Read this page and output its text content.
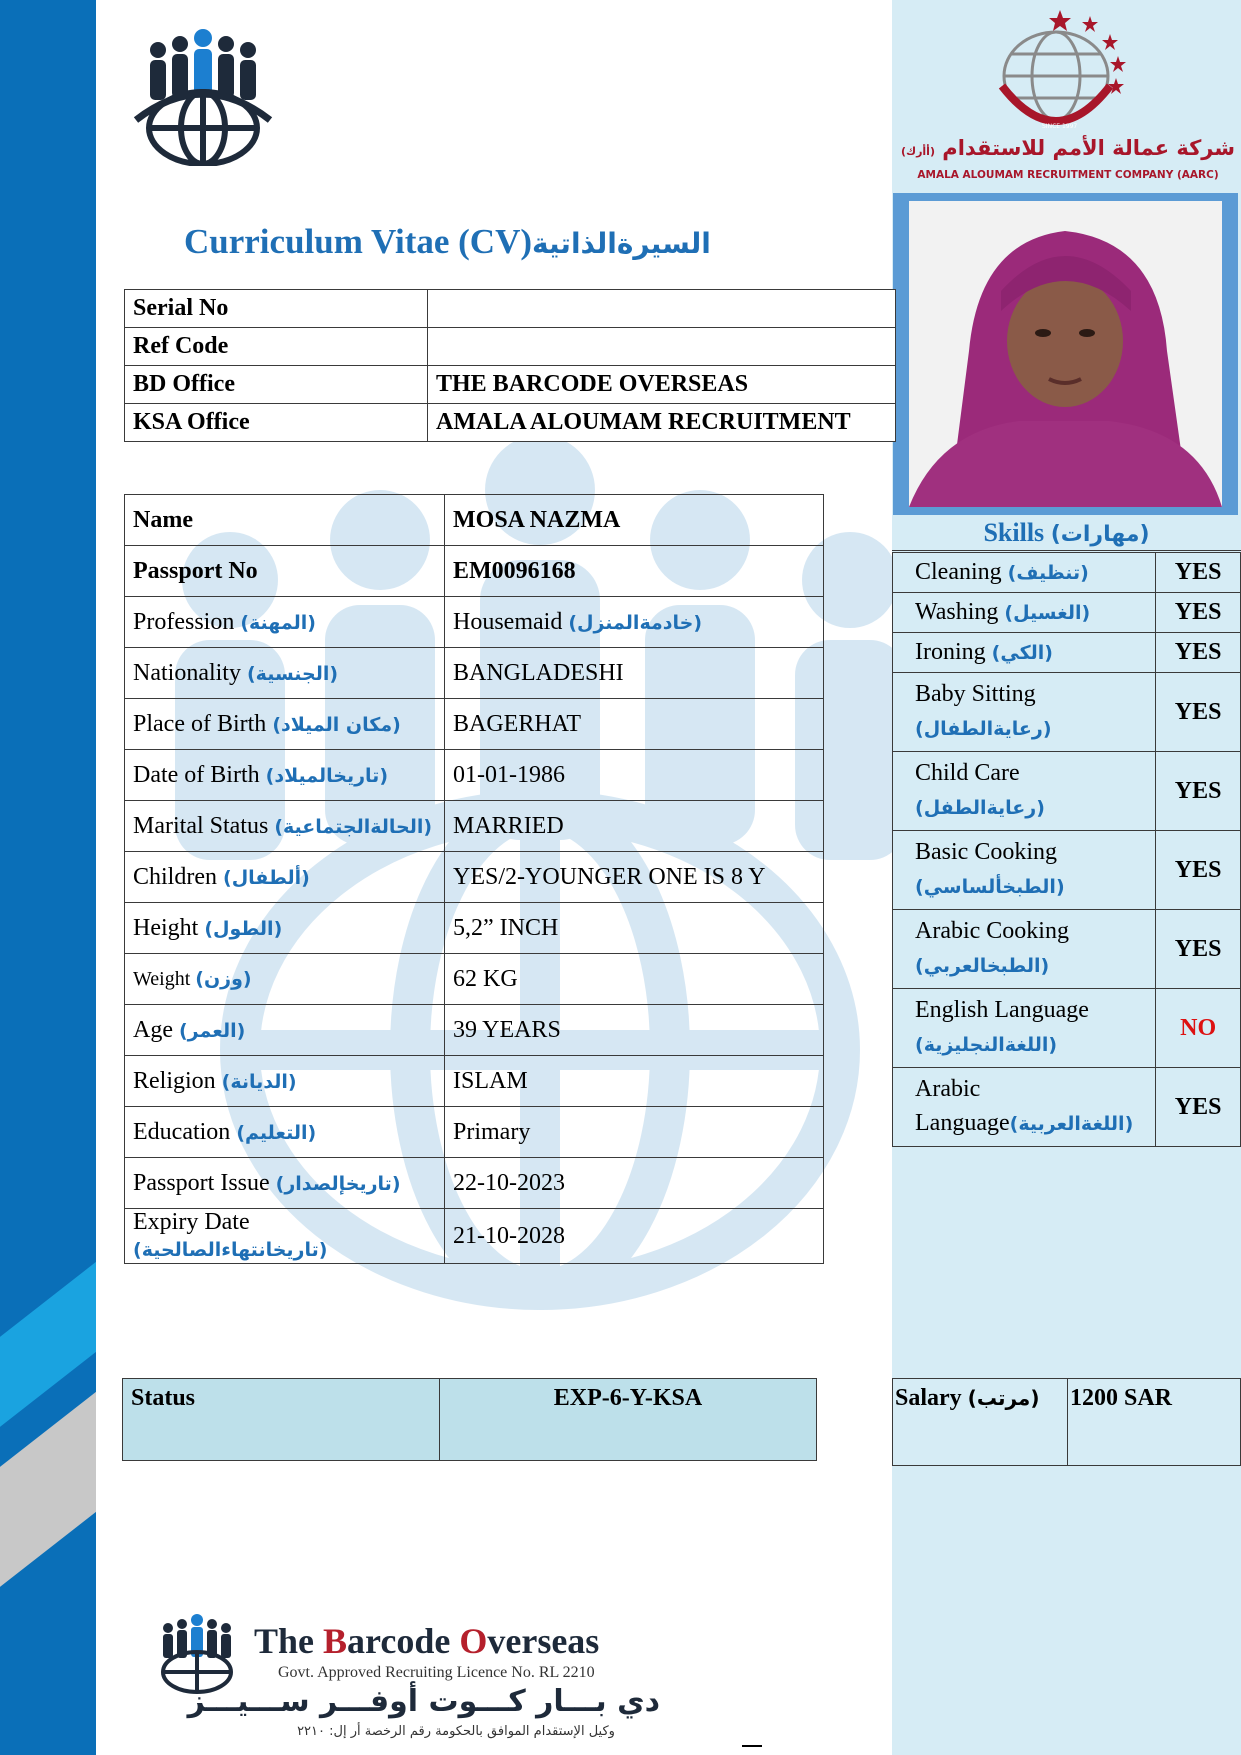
SINCE 1997
شركة عمالة الأمم للاستقدام (أأرك)
AMALA ALOUMAM RECRUITMENT COMPANY (AARC)
Curriculum Vitae (CV)السيرةالذاتية
Serial No	
Ref Code	
BD Office	THE BARCODE OVERSEAS
KSA Office	AMALA ALOUMAM RECRUITMENT
Name	MOSA NAZMA
Passport No	EM0096168
Profession (المهنة)	Housemaid (خادمةالمنزل)
Nationality (الجنسية)	BANGLADESHI
Place of Birth (مكان الميلاد)	BAGERHAT
Date of Birth (تاريخالميلاد)	01-01-1986
Marital Status (الحالةالجتماعية)	MARRIED
Children (ألطفال)	YES/2-YOUNGER ONE IS 8 Y
Height (الطول)	5,2” INCH
Weight (وزن)	62 KG
Age (العمر)	39 YEARS
Religion (الديانة)	ISLAM
Education (التعليم)	Primary
Passport Issue (تاريخإلصدار)	22-10-2023
Expiry Date (تاريخانتهاءالصالحية)	21-10-2028
Skills (مهارات)
Cleaning (تنظيف)	YES
Washing (الغسيل)	YES
Ironing (الكي)	YES
Baby Sitting
(رعايةالطفال)	YES
Child Care
(رعايةالطفل)	YES
Basic Cooking
(الطبخألساسي)	YES
Arabic Cooking
(الطبخالعربي)	YES
English Language
(اللغةالنجليزية)	NO
Arabic
Language(اللغةالعربية)	YES
Status	EXP-6-Y-KSA	Salary (مرتب)	1200 SAR
The Barcode Overseas
Govt. Approved Recruiting Licence No. RL 2210
دي بـــار كـــوت أوفـــر ســـيـــز
وكيل الإستقدام الموافق بالحكومة رقم الرخصة أر إل: ٢٢١٠
